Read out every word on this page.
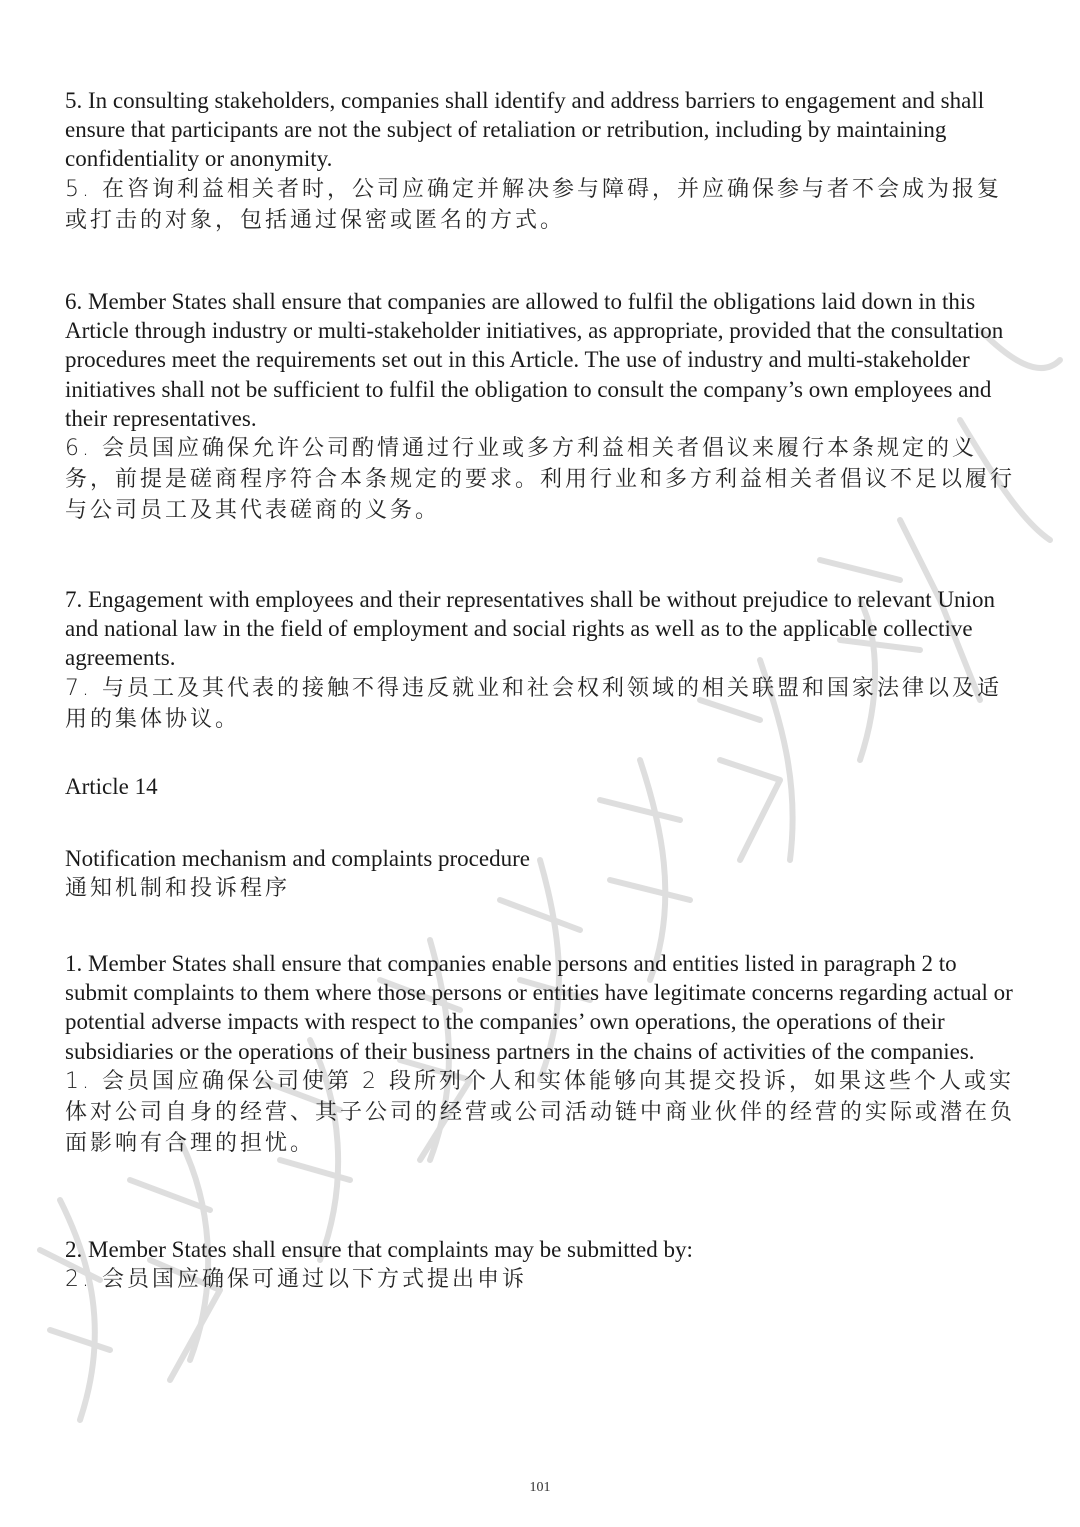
5. In consulting stakeholders, companies shall identify and address barriers to engagement and shall ensure that participants are not the subject of retaliation or retribution, including by maintaining confidentiality or anonymity.

5. 在咨询利益相关者时，公司应确定并解决参与障碍，并应确保参与者不会成为报复或打击的对象，包括通过保密或匿名的方式。

6. Member States shall ensure that companies are allowed to fulfil the obligations laid down in this Article through industry or multi-stakeholder initiatives, as appropriate, provided that the consultation procedures meet the requirements set out in this Article. The use of industry and multi-stakeholder initiatives shall not be sufficient to fulfil the obligation to consult the company’s own employees and their representatives.

6. 会员国应确保允许公司酌情通过行业或多方利益相关者倡议来履行本条规定的义务，前提是磋商程序符合本条规定的要求。利用行业和多方利益相关者倡议不足以履行与公司员工及其代表磋商的义务。

7. Engagement with employees and their representatives shall be without prejudice to relevant Union and national law in the field of employment and social rights as well as to the applicable collective agreements.

7. 与员工及其代表的接触不得违反就业和社会权利领域的相关联盟和国家法律以及适用的集体协议。

Article 14

Notification mechanism and complaints procedure

通知机制和投诉程序

1. Member States shall ensure that companies enable persons and entities listed in paragraph 2 to submit complaints to them where those persons or entities have legitimate concerns regarding actual or potential adverse impacts with respect to the companies’ own operations, the operations of their subsidiaries or the operations of their business partners in the chains of activities of the companies.

1. 会员国应确保公司使第 2 段所列个人和实体能够向其提交投诉，如果这些个人或实体对公司自身的经营、其子公司的经营或公司活动链中商业伙伴的经营的实际或潜在负面影响有合理的担忧。

2. Member States shall ensure that complaints may be submitted by:

2. 会员国应确保可通过以下方式提出申诉

101
